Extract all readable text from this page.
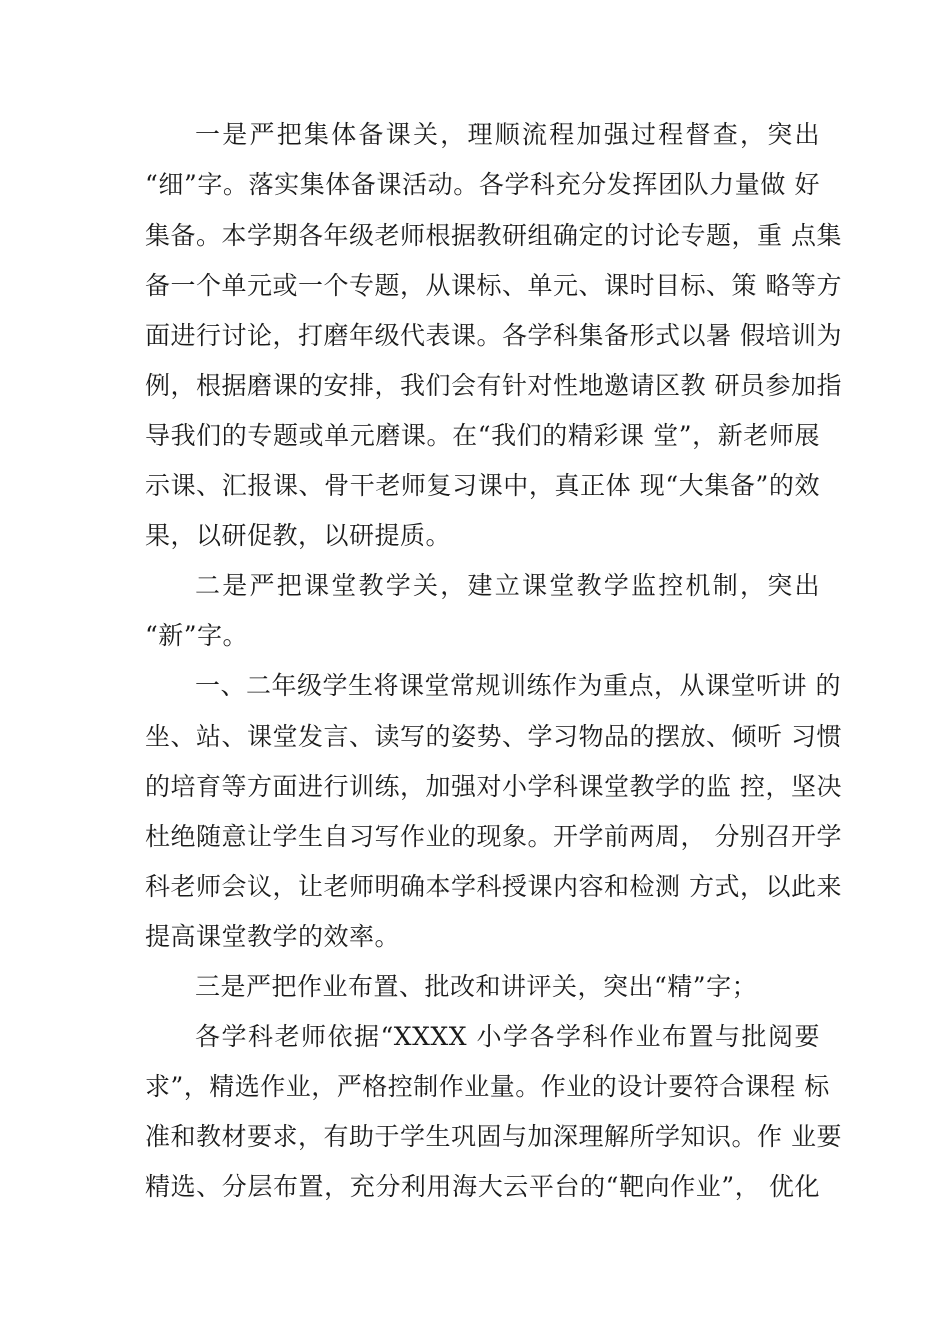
一是严把集体备课关，理顺流程加强过程督查，突出
“细”字。落实集体备课活动。各学科充分发挥团队力量做 好
集备。本学期各年级老师根据教研组确定的讨论专题，重 点集
备一个单元或一个专题，从课标、单元、课时目标、策 略等方
面进行讨论，打磨年级代表课。各学科集备形式以暑 假培训为
例，根据磨课的安排，我们会有针对性地邀请区教 研员参加指
导我们的专题或单元磨课。在“我们的精彩课 堂”，新老师展
示课、汇报课、骨干老师复习课中，真正体 现“大集备”的效
果，以研促教，以研提质。
二是严把课堂教学关，建立课堂教学监控机制，突出
“新”字。
一、二年级学生将课堂常规训练作为重点，从课堂听讲 的
坐、站、课堂发言、读写的姿势、学习物品的摆放、倾听 习惯
的培育等方面进行训练，加强对小学科课堂教学的监 控，坚决
杜绝随意让学生自习写作业的现象。开学前两周， 分别召开学
科老师会议，让老师明确本学科授课内容和检测 方式，以此来
提高课堂教学的效率。
三是严把作业布置、批改和讲评关，突出“精”字；
各学科老师依据“XXXX 小学各学科作业布置与批阅要
求”，精选作业，严格控制作业量。作业的设计要符合课程 标
准和教材要求，有助于学生巩固与加深理解所学知识。作 业要
精选、分层布置，充分利用海大云平台的“靶向作业”， 优化
